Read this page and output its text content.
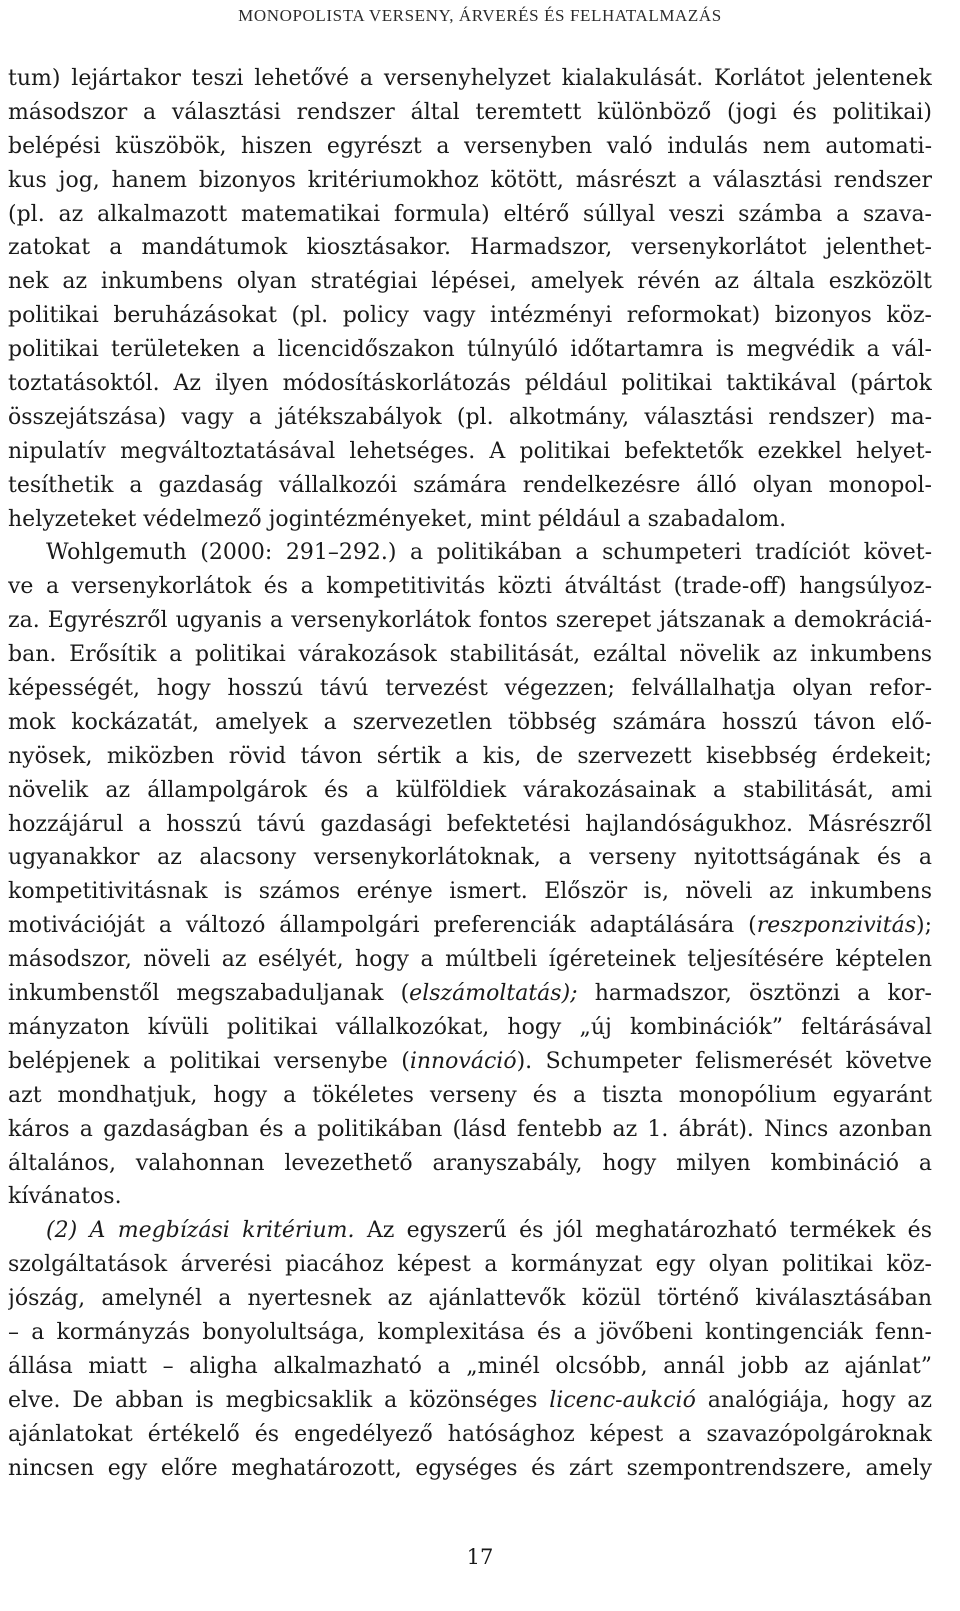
MONOPOLISTA VERSENY, ÁRVERÉS ÉS FELHATALMAZÁS
tum) lejártakor teszi lehetővé a versenyhelyzet kialakulását. Korlátot jelentenek
másodszor a választási rendszer által teremtett különböző (jogi és politikai)
belépési küszöbök, hiszen egyrészt a versenyben való indulás nem automati-
kus jog, hanem bizonyos kritériumokhoz kötött, másrészt a választási rendszer
(pl. az alkalmazott matematikai formula) eltérő súllyal veszi számba a szava-
zatokat a mandátumok kiosztásakor. Harmadszor, versenykorlátot jelenthet-
nek az inkumbens olyan stratégiai lépései, amelyek révén az általa eszközölt
politikai beruházásokat (pl. policy vagy intézményi reformokat) bizonyos köz-
politikai területeken a licencidőszakon túlnyúló időtartamra is megvédik a vál-
toztatásoktól. Az ilyen módosításkorlátozás például politikai taktikával (pártok
összejátszása) vagy a játékszabályok (pl. alkotmány, választási rendszer) ma-
nipulatív megváltoztatásával lehetséges. A politikai befektetők ezekkel helyet-
tesíthetik a gazdaság vállalkozói számára rendelkezésre álló olyan monopol-
helyzeteket védelmező jogintézményeket, mint például a szabadalom.
Wohlgemuth (2000: 291–292.) a politikában a schumpeteri tradíciót követ-
ve a versenykorlátok és a kompetitivitás közti átváltást (trade-off) hangsúlyoz-
za. Egyrészről ugyanis a versenykorlátok fontos szerepet játszanak a demokráciá-
ban. Erősítik a politikai várakozások stabilitását, ezáltal növelik az inkumbens
képességét, hogy hosszú távú tervezést végezzen; felvállalhatja olyan refor-
mok kockázatát, amelyek a szervezetlen többség számára hosszú távon elő-
nyösek, miközben rövid távon sértik a kis, de szervezett kisebbség érdekeit;
növelik az állampolgárok és a külföldiek várakozásainak a stabilitását, ami
hozzájárul a hosszú távú gazdasági befektetési hajlandóságukhoz. Másrészről
ugyanakkor az alacsony versenykorlátoknak, a verseny nyitottságának és a
kompetitivitásnak is számos erénye ismert. Először is, növeli az inkumbens
motivációját a változó állampolgári preferenciák adaptálására (reszponzivitás);
másodszor, növeli az esélyét, hogy a múltbeli ígéreteinek teljesítésére képtelen
inkumbenstől megszabaduljanak (elszámoltatás); harmadszor, ösztönzi a kor-
mányzaton kívüli politikai vállalkozókat, hogy „új kombinációk” feltárásával
belépjenek a politikai versenybe (innováció). Schumpeter felismerését követve
azt mondhatjuk, hogy a tökéletes verseny és a tiszta monopólium egyaránt
káros a gazdaságban és a politikában (lásd fentebb az 1. ábrát). Nincs azonban
általános, valahonnan levezethető aranyszabály, hogy milyen kombináció a
kívánatos.
(2) A megbízási kritérium. Az egyszerű és jól meghatározható termékek és
szolgáltatások árverési piacához képest a kormányzat egy olyan politikai köz-
jószág, amelynél a nyertesnek az ajánlattevők közül történő kiválasztásában
– a kormányzás bonyolultsága, komplexitása és a jövőbeni kontingenciák fenn-
állása miatt – aligha alkalmazható a „minél olcsóbb, annál jobb az ajánlat”
elve. De abban is megbicsaklik a közönséges licenc-aukció analógiája, hogy az
ajánlatokat értékelő és engedélyező hatósághoz képest a szavazópolgároknak
nincsen egy előre meghatározott, egységes és zárt szempontrendszere, amely
17
